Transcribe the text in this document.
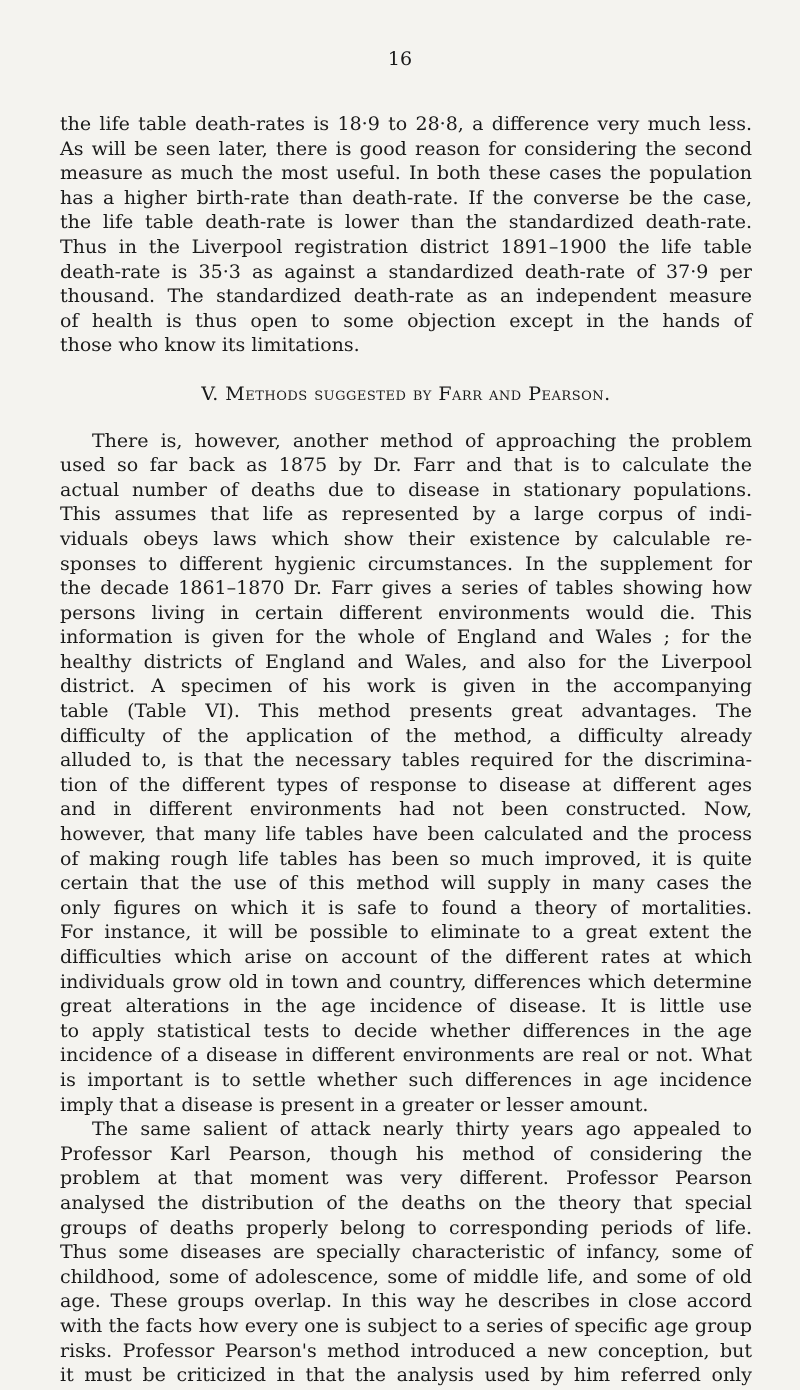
16
the life table death-rates is 18·9 to 28·8, a difference very much less.
As will be seen later, there is good reason for considering the second
measure as much the most useful. In both these cases the population
has a higher birth-rate than death-rate. If the converse be the case,
the life table death-rate is lower than the standardized death-rate.
Thus in the Liverpool registration district 1891–1900 the life table
death-rate is 35·3 as against a standardized death-rate of 37·9 per
thousand. The standardized death-rate as an independent measure
of health is thus open to some objection except in the hands of
those who know its limitations.
V. Methods suggested by Farr and Pearson.
There is, however, another method of approaching the problem
used so far back as 1875 by Dr. Farr and that is to calculate the
actual number of deaths due to disease in stationary populations.
This assumes that life as represented by a large corpus of indi-
viduals obeys laws which show their existence by calculable re-
sponses to different hygienic circumstances. In the supplement for
the decade 1861–1870 Dr. Farr gives a series of tables showing how
persons living in certain different environments would die. This
information is given for the whole of England and Wales ; for the
healthy districts of England and Wales, and also for the Liverpool
district. A specimen of his work is given in the accompanying
table (Table VI). This method presents great advantages. The
difficulty of the application of the method, a difficulty already
alluded to, is that the necessary tables required for the discrimina-
tion of the different types of response to disease at different ages
and in different environments had not been constructed. Now,
however, that many life tables have been calculated and the process
of making rough life tables has been so much improved, it is quite
certain that the use of this method will supply in many cases the
only figures on which it is safe to found a theory of mortalities.
For instance, it will be possible to eliminate to a great extent the
difficulties which arise on account of the different rates at which
individuals grow old in town and country, differences which determine
great alterations in the age incidence of disease. It is little use
to apply statistical tests to decide whether differences in the age
incidence of a disease in different environments are real or not. What
is important is to settle whether such differences in age incidence
imply that a disease is present in a greater or lesser amount.
The same salient of attack nearly thirty years ago appealed to
Professor Karl Pearson, though his method of considering the
problem at that moment was very different. Professor Pearson
analysed the distribution of the deaths on the theory that special
groups of deaths properly belong to corresponding periods of life.
Thus some diseases are specially characteristic of infancy, some of
childhood, some of adolescence, some of middle life, and some of old
age. These groups overlap. In this way he describes in close accord
with the facts how every one is subject to a series of specific age group
risks. Professor Pearson's method introduced a new conception, but
it must be criticized in that the analysis used by him referred only
